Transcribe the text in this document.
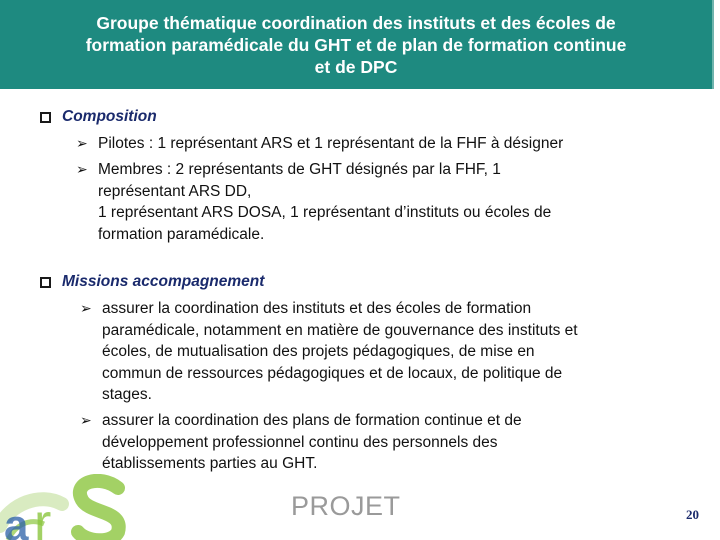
Groupe thématique coordination des instituts et des écoles de
formation paramédicale du GHT et de plan de formation continue
et de DPC
Composition
➢ Pilotes : 1 représentant ARS et 1 représentant de la FHF à désigner
➢ Membres : 2 représentants de GHT désignés par la FHF, 1
représentant ARS DD,
1 représentant ARS DOSA, 1 représentant d’instituts ou écoles de
formation paramédicale.
Missions accompagnement
➢ assurer la coordination des instituts et des écoles de formation
paramédicale, notamment en matière de gouvernance des instituts et
écoles, de mutualisation des projets pédagogiques, de mise en
commun de ressources pédagogiques et de locaux, de politique de
stages.
➢ assurer la coordination des plans de formation continue et de
développement professionnel continu des personnels des
établissements parties au GHT.
a r	PROJET	20
